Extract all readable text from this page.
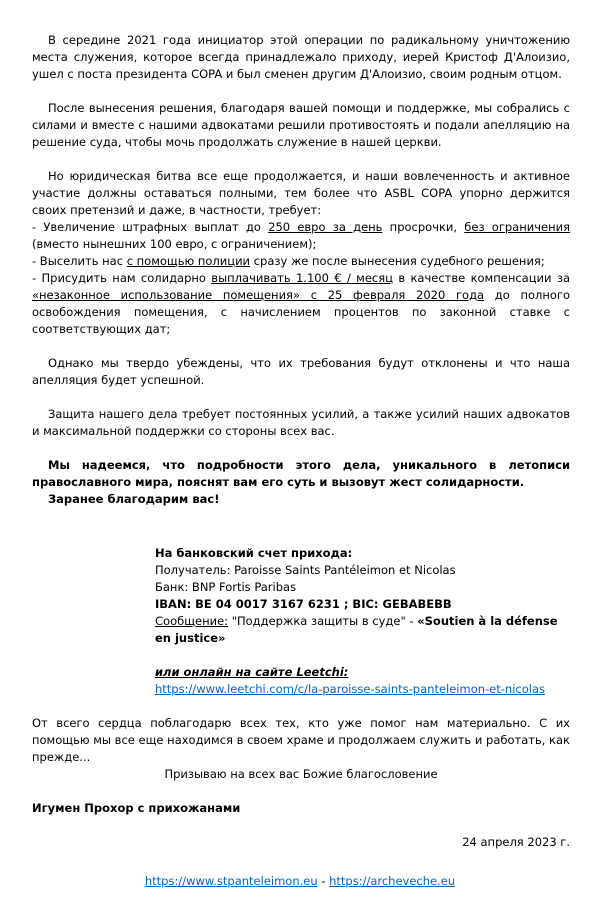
В середине 2021 года инициатор этой операции по радикальному уничтожению места служения, которое всегда принадлежало приходу, иерей Кристоф Д'Алоизио, ушел с поста президента COPA и был сменен другим Д'Алоизио, своим родным отцом.

После вынесения решения, благодаря вашей помощи и поддержке, мы собрались с силами и вместе с нашими адвокатами решили противостоять и подали апелляцию на решение суда, чтобы мочь продолжать служение в нашей церкви.

Но юридическая битва все еще продолжается, и наши вовлеченность и активное участие должны оставаться полными, тем более что ASBL COPA упорно держится своих претензий и даже, в частности, требует:

- Увеличение штрафных выплат до 250 евро за день просрочки, без ограничения (вместо нынешних 100 евро, с ограничением);

- Выселить нас с помощью полиции сразу же после вынесения судебного решения;

- Присудить нам солидарно выплачивать 1.100 € / месяц в качестве компенсации за «незаконное использование помещения» с 25 февраля 2020 года до полного освобождения помещения, с начислением процентов по законной ставке с соответствующих дат;

Однако мы твердо убеждены, что их требования будут отклонены и что наша апелляция будет успешной.

Защита нашего дела требует постоянных усилий, а также усилий наших адвокатов и максимальной поддержки со стороны всех вас.

Мы надеемся, что подробности этого дела, уникального в летописи православного мира, пояснят вам его суть и вызовут жест солидарности.

Заранее благодарим вас!

На банковский счет прихода:

Получатель: Paroisse Saints Pantéleimon et Nicolas

Банк: BNP Fortis Paribas

IBAN: BE 04 0017 3167 6231 ; BIC: GEBABEBB

Сообщение: "Поддержка защиты в суде" - «Soutien à la défense en justice»

или онлайн на сайте Leetchi:

https://www.leetchi.com/c/la-paroisse-saints-panteleimon-et-nicolas

От всего сердца поблагодарю всех тех, кто уже помог нам материально. С их помощью мы все еще находимся в своем храме и продолжаем служить и работать, как прежде...

Призываю на всех вас Божие благословение

Игумен Прохор с прихожанами

24 апреля 2023 г.

https://www.stpanteleimon.eu - https://archeveche.eu
